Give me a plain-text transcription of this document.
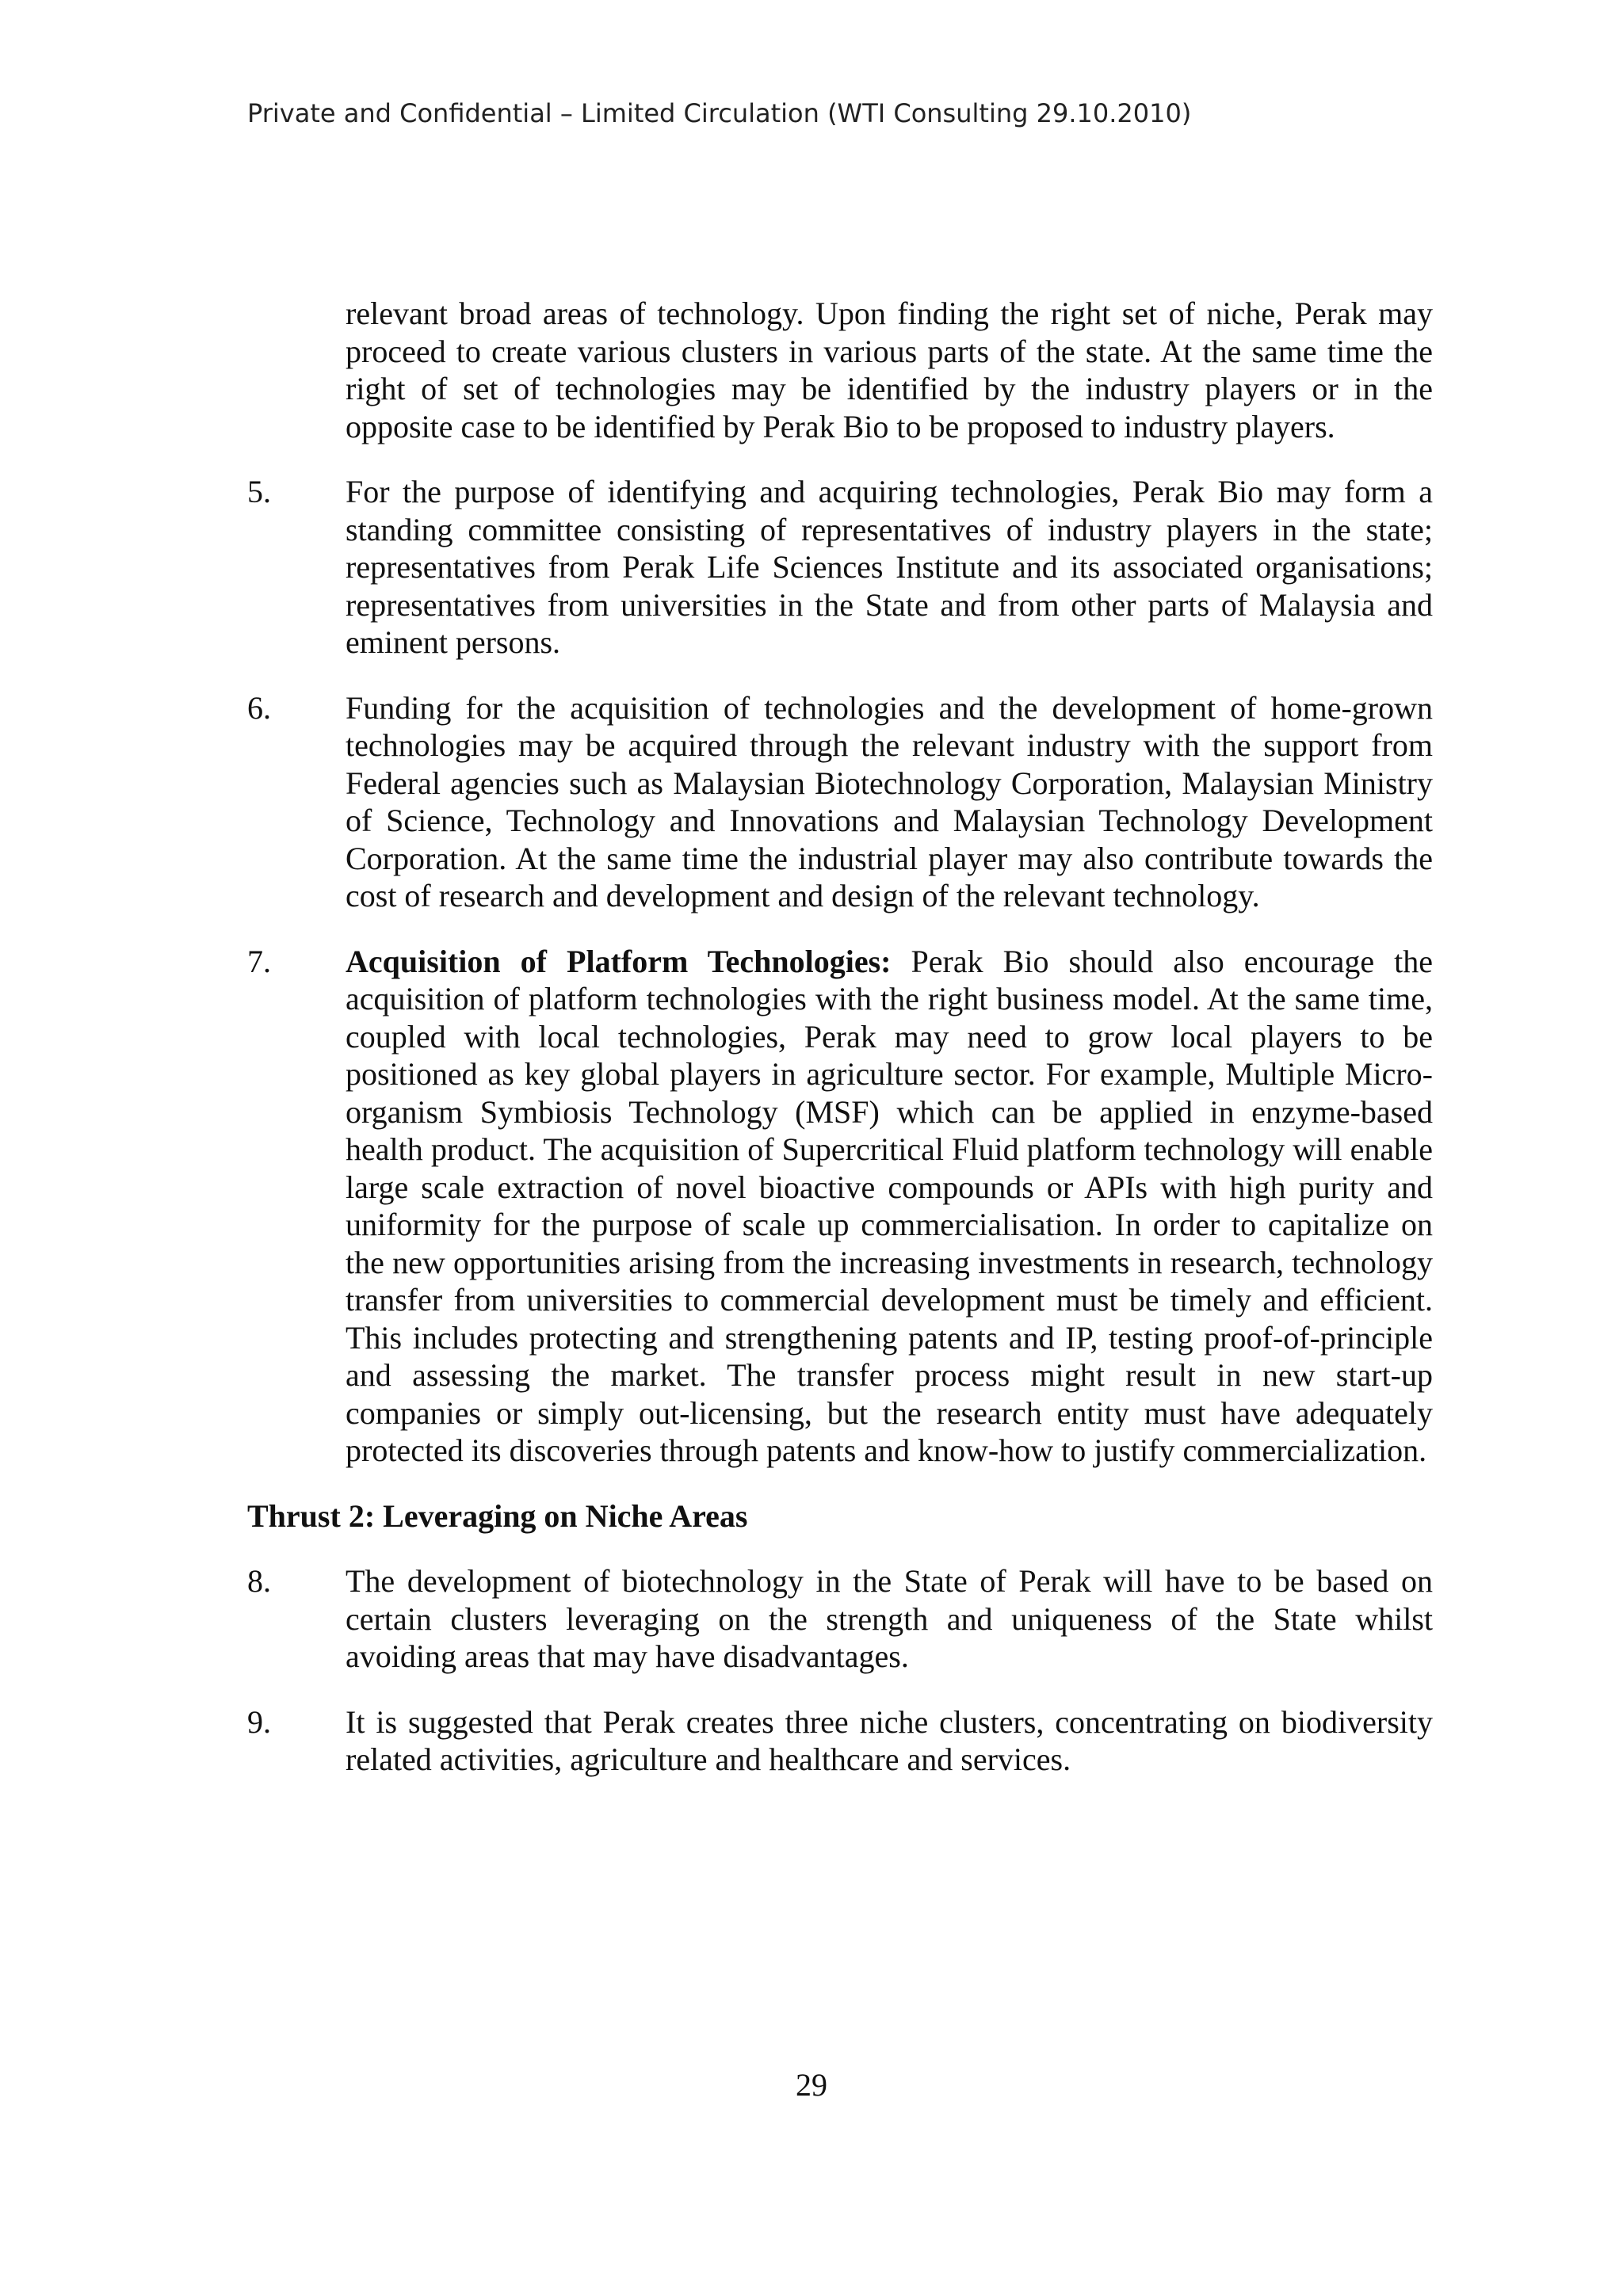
Private and Confidential – Limited Circulation (WTI Consulting 29.10.2010)

relevant broad areas of technology. Upon finding the right set of niche, Perak may proceed to create various clusters in various parts of the state. At the same time the right of set of technologies may be identified by the industry players or in the opposite case to be identified by Perak Bio to be proposed to industry players.

5.	For the purpose of identifying and acquiring technologies, Perak Bio may form a standing committee consisting of representatives of industry players in the state; representatives from Perak Life Sciences Institute and its associated organisations; representatives from universities in the State and from other parts of Malaysia and eminent persons.
6.	Funding for the acquisition of technologies and the development of home-grown technologies may be acquired through the relevant industry with the support from Federal agencies such as Malaysian Biotechnology Corporation, Malaysian Ministry of Science, Technology and Innovations and Malaysian Technology Development Corporation. At the same time the industrial player may also contribute towards the cost of research and development and design of the relevant technology.
7.	Acquisition of Platform Technologies: Perak Bio should also encourage the acquisition of platform technologies with the right business model. At the same time, coupled with local technologies, Perak may need to grow local players to be positioned as key global players in agriculture sector. For example, Multiple Micro-organism Symbiosis Technology (MSF) which can be applied in enzyme-based health product. The acquisition of Supercritical Fluid platform technology will enable large scale extraction of novel bioactive compounds or APIs with high purity and uniformity for the purpose of scale up commercialisation. In order to capitalize on the new opportunities arising from the increasing investments in research, technology transfer from universities to commercial development must be timely and efficient. This includes protecting and strengthening patents and IP, testing proof-of-principle and assessing the market. The transfer process might result in new start-up companies or simply out-licensing, but the research entity must have adequately protected its discoveries through patents and know-how to justify commercialization.
Thrust 2: Leveraging on Niche Areas
8.	The development of biotechnology in the State of Perak will have to be based on certain clusters leveraging on the strength and uniqueness of the State whilst avoiding areas that may have disadvantages.
9.	It is suggested that Perak creates three niche clusters, concentrating on biodiversity related activities, agriculture and healthcare and services.
29
